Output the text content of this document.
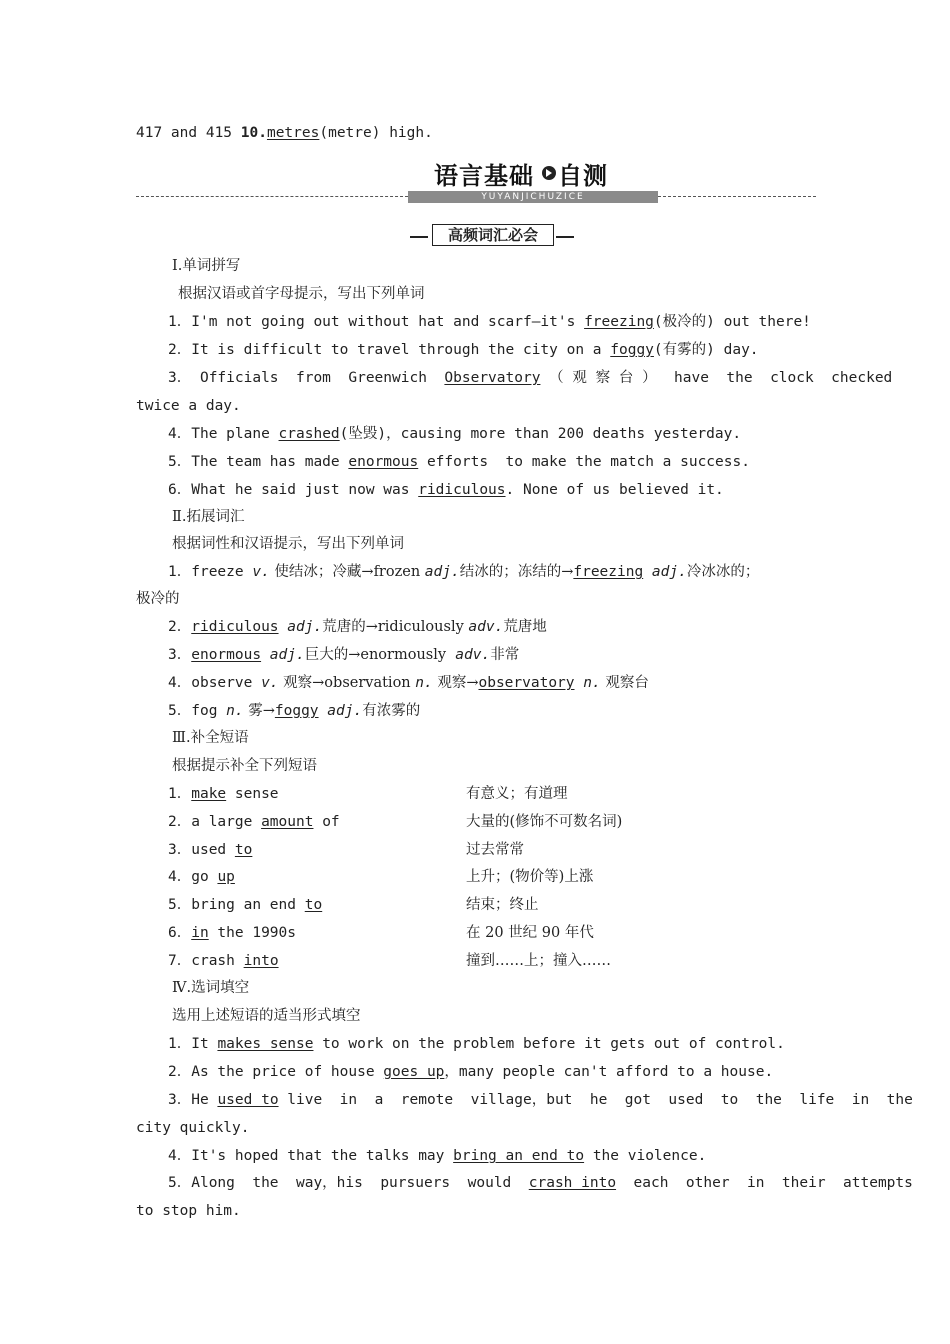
417 and 415 10.metres(metre) high.
YUYANJICHUZICE
语言基础 自测
高频词汇必会
Ⅰ.单词拼写
根据汉语或首字母提示，写出下列单词
1．I'm not going out without hat and scarf—it's freezing(极冷的) out there!
2．It is difficult to travel through the city on a foggy(有雾的) day.
3． Officials  from  Greenwich  Observatory （ 观 察 台 ）  have  the  clock  checked
twice a day.
4．The plane crashed(坠毁)，causing more than 200 deaths yesterday.
5．The team has made enormous efforts  to make the match a success.
6．What he said just now was ridiculous. None of us believed it.
Ⅱ.拓展词汇
根据词性和汉语提示，写出下列单词
1．freeze v. 使结冰；冷藏→frozen adj.结冰的；冻结的→freezing adj.冷冰冰的；
极冷的
2．ridiculous adj.荒唐的→ridiculously adv.荒唐地
3．enormous adj.巨大的→enormously  adv.非常
4．observe v. 观察→observation n. 观察→observatory n. 观察台
5．fog n. 雾→foggy adj.有浓雾的
Ⅲ.补全短语
根据提示补全下列短语
1．make sense	有意义；有道理
2．a large amount of	大量的(修饰不可数名词)
3．used to	过去常常
4．go up	上升；(物价等)上涨
5．bring an end to	结束；终止
6．in the 1990s	在 20 世纪 90 年代
7．crash into	撞到……上；撞入……
Ⅳ.选词填空
选用上述短语的适当形式填空
1．It makes sense to work on the problem before it gets out of control.
2．As the price of house goes up，many people can't afford to a house.
3．He used to live  in  a  remote  village，but  he  got  used  to  the  life  in  the
city quickly.
4．It's hoped that the talks may bring an end to the violence.
5．Along  the  way，his  pursuers  would  crash into  each  other  in  their  attempts
to stop him.
